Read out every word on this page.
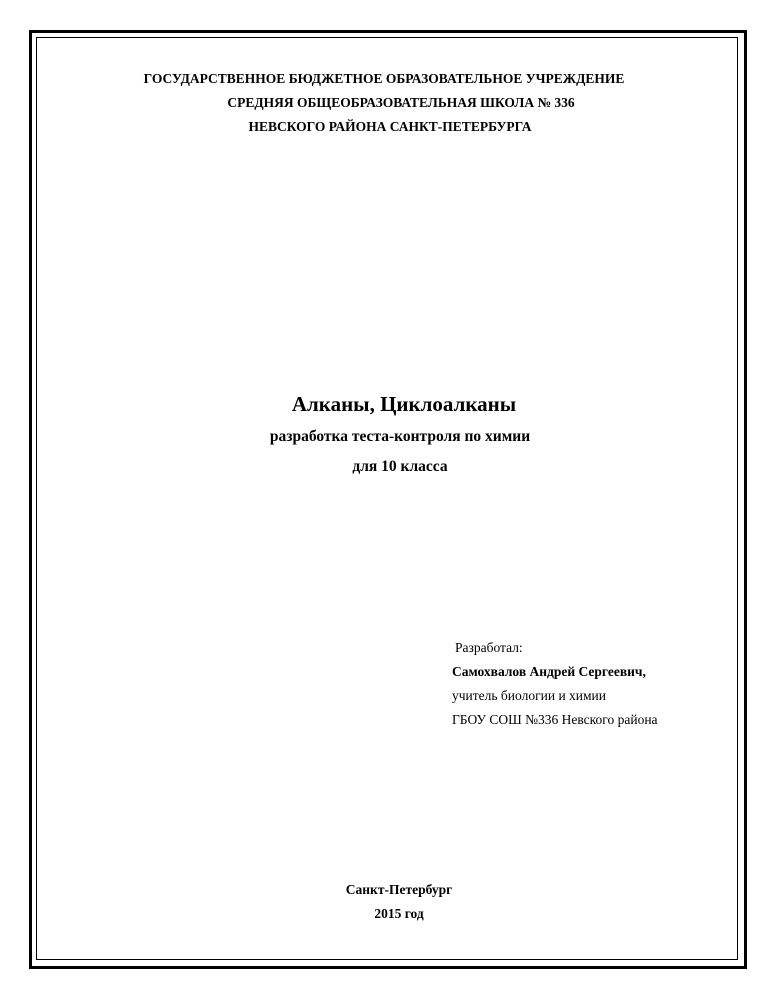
ГОСУДАРСТВЕННОЕ БЮДЖЕТНОЕ ОБРАЗОВАТЕЛЬНОЕ УЧРЕЖДЕНИЕ
СРЕДНЯЯ ОБЩЕОБРАЗОВАТЕЛЬНАЯ ШКОЛА № 336
НЕВСКОГО РАЙОНА САНКТ-ПЕТЕРБУРГА
Алканы, Циклоалканы
разработка теста-контроля по химии
для 10 класса
Разработал:
Самохвалов Андрей Сергеевич,
учитель биологии и химии
ГБОУ СОШ №336 Невского района
Санкт-Петербург
2015 год
